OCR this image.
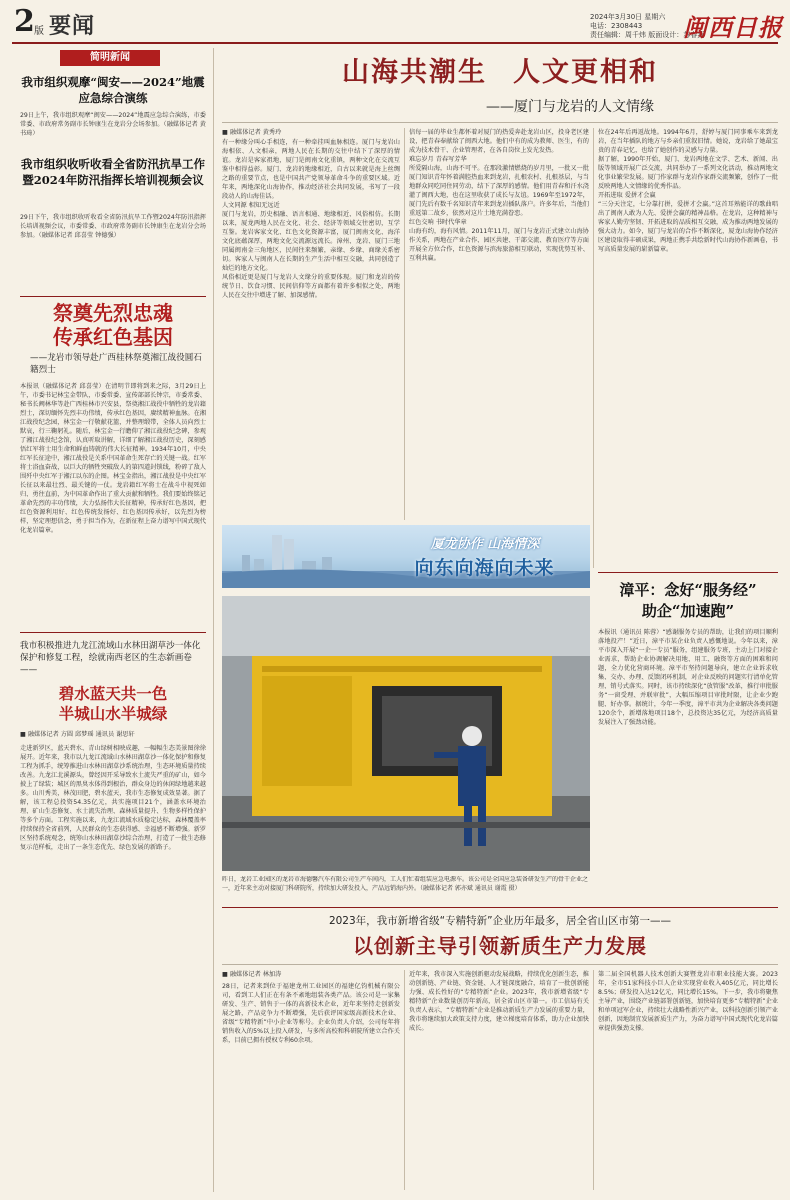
2 版 要闻	2024年3月30日 星期六
电话：2308443
责任编辑：周千炜 版面设计：苏春燕
闽西日报
简明新闻
我市组织观摩“闽安——2024”地震应急综合演练
29日上午，我市组织观摩“闽安——2024”地震应急综合演练，市委常委、市政府常务副市长钟康生在龙岩分会场参加。（融媒体记者 黄书琦）
我市组织收听收看全省防汛抗旱工作暨2024年防汛指挥长培训视频会议
29日下午，我市组织收听收看全省防汛抗旱工作暨2024年防汛指挥长培训视频会议，市委常委、市政府常务副市长钟康生在龙岩分会场参加。（融媒体记者 邱喜莹 钟德强）
祭奠先烈忠魂
传承红色基因
——龙岩市领导赴广西桂林祭奠湘江战役圆石籍烈士
本报讯（融媒体记者 邱喜莹）在清明节即将到来之际，3月29日上午，市委书记林宝金带队，市委常委、宣传部部长钟宗，市委常委、秘书长阙林华等赴广西桂林市兴安县，祭奠湘江战役中牺牲的龙岩籍烈士，深切缅怀先烈丰功伟绩，传承红色基因，赓续精神血脉。在湘江战役纪念园，林宝金一行敬献花篮，并整理缎带，全体人员向烈士默哀，行三鞠躬礼。随后，林宝金一行瞻仰了湘江战役纪念碑，参观了湘江战役纪念馆，认真听取讲解，详细了解湘江战役历史，深刻感悟红军将士用生命和鲜血铸就的伟大长征精神。1934年10月，中央红军长征途中，湘江战役是关系中国革命生死存亡的关键一战。红军将士浴血奋战，以巨大的牺牲突破敌人的第四道封锁线，粉碎了敌人围歼中央红军于湘江以东的企图。林宝金指出，湘江战役是中央红军长征以来最壮烈、最关键的一仗。龙岩籍红军将士在战斗中视死如归、勇往直前，为中国革命作出了重大贡献和牺牲。我们要始终铭记革命先烈的丰功伟绩，大力弘扬伟大长征精神，传承好红色基因，把红色资源利用好、红色传统发扬好、红色基因传承好，以先烈为榜样，坚定理想信念，勇于担当作为，在新征程上奋力谱写中国式现代化龙岩篇章。
我市积极推进九龙江流域山水林田湖草沙一体化保护和修复工程，绘就南西老区的生态新画卷——
碧水蓝天共一色
半城山水半城绿
■ 融媒体记者 方圆 邱梦瑶 通讯员 谢思轩
走进新罗区，蓝天碧水、青山绿树相映成趣，一幅幅生态美景图徐徐展开。近年来，我市以九龙江流域山水林田湖草沙一体化保护和修复工程为抓手，统筹推进山水林田湖草沙系统治理，生态环境质量持续改善。九龙江北溪源头，曾经因开采导致水土流失严重的矿山，如今披上了绿装；城区的黑臭水体得到根治，群众身边的休闲绿地越来越多。山川秀美，林茂田肥，碧水蓝天，我市生态修复成效显著。据了解，该工程总投资54.35亿元，共实施项目21个，涵盖水环境治理、矿山生态修复、水土流失治理、森林质量提升、生物多样性保护等多个方面。工程实施以来，九龙江流域水质稳定达标，森林覆盖率持续保持全省前列，人民群众的生态获得感、幸福感不断增强。新罗区坚持系统观念，统筹山水林田湖草沙综合治理，打造了一批生态修复示范样板，走出了一条生态优先、绿色发展的新路子。
山海共潮生 人文更相和
——厦门与龙岩的人文情缘
■ 融媒体记者 黄秀玲
有一种缘分叫心手相连，有一种牵挂叫血脉相连。厦门与龙岩山海相依、人文相亲，两地人民在长期的交往中结下了深厚的情谊。龙岩是客家祖地，厦门是闽南文化重镇，两种文化在交流互鉴中相得益彰。厦门、龙岩的地缘相近，自古以来就是海上丝绸之路的重要节点，也是中国共产党领导革命斗争的重要区域。近年来，两地深化山海协作，推动经济社会共同发展，书写了一段段动人的山海佳话。
人文同源 相知无远近
厦门与龙岩，历史相融、语言相通、地缘相近、风俗相仿。长期以来，厦龙两地人民在文化、社会、经济等领域交往密切，互学互鉴。龙岩客家文化、红色文化资源丰富，厦门闽南文化、海洋文化底蕴深厚，两地文化交流源远流长。漳州、龙岩、厦门三地同属闽南金三角地区，民间往来频繁，亲缘、乡缘、商缘关系密切。客家人与闽南人在长期的生产生活中相互交融，共同创造了灿烂的地方文化。
风俗相近更是厦门与龙岩人文缘分的重要体现。厦门和龙岩的传统节日、饮食习惯、民间信仰等方面都有着许多相似之处，两地人民在交往中增进了解、加深感情。
信每一届的毕业生都怀着对厦门的热爱奔赴龙岩山区，投身老区建设，把青春奉献给了闽西大地。他们中有的成为教师、医生，有的成为技术骨干、企业管理者，在各自岗位上发光发热。
难忘岁月 青春写芳华
所爱隔山海，山海不可平。在那段激情燃烧的岁月里，一批又一批厦门知识青年怀着满腔热血来到龙岩，扎根农村、扎根基层，与当地群众同吃同住同劳动，结下了深厚的感情。他们用青春和汗水浇灌了闽西大地，也在这里收获了成长与友谊。1969年至1972年，厦门先后有数千名知识青年来到龙岩插队落户。许多年后，当他们重返第二故乡，依然对这片土地充满眷恋。
红色交响 书时代华章
山海有约，海有风情。2011年11月，厦门与龙岩正式建立山海协作关系，两地在产业合作、园区共建、干部交流、教育医疗等方面开展全方位合作，红色资源与滨海旅游相互联动，实现优势互补、互利共赢。
位在24年后再返故地。1994年6月，舒婷与厦门同事乘车来到龙岩，在当年插队的地方与乡亲们重叙旧情。她说，龙岩给了她最宝贵的青春记忆，也给了她创作的灵感与力量。
据了解，1990年开始，厦门、龙岩两地在文学、艺术、新闻、出版等领域开展广泛交流，共同举办了一系列文化活动，推动两地文化事业繁荣发展。厦门作家群与龙岩作家群交流频繁，创作了一批反映两地人文情缘的优秀作品。
开拓进取 爱拼才会赢
“三分天注定，七分靠打拼，爱拼才会赢。”这首耳熟能详的歌曲唱出了闽南人敢为人先、爱拼会赢的精神品格。在龙岩，这种精神与客家人勤劳坚韧、开拓进取的品质相互交融，成为推动两地发展的强大动力。如今，厦门与龙岩的合作不断深化，厦龙山海协作经济区建设取得丰硕成果，两地正携手共绘新时代山海协作新画卷，书写高质量发展的崭新篇章。
厦龙协作 山海情深
向东向海向未来
昨日，龙岩工业园区的龙岩市海德馨汽车有限公司生产车间内，工人们忙着组装应急电源车。该公司是全国应急装备研发生产的骨干企业之一，近年来主动对接厦门科研院所，持续加大研发投入，产品远销海内外。（融媒体记者 郭亦斌 通讯员 谢霞 摄）
漳平：念好“服务经”
助企“加速跑”
本报讯（通讯员 陈蓉）“感谢服务专员的帮助，让我们的项目顺利落地投产！”近日，漳平市某企业负责人感慨地说。今年以来，漳平市深入开展“一企一专员”服务，组建服务专班，主动上门对接企业需求，帮助企业协调解决用地、用工、融资等方面的困难和问题，全力优化营商环境。漳平市坚持问题导向，建立企业诉求收集、交办、办理、反馈闭环机制，对企业反映的问题实行清单化管理、销号式落实。同时，该市持续深化“放管服”改革，推行审批服务“一窗受理、并联审批”，大幅压缩项目审批时限，让企业少跑腿、好办事。据统计，今年一季度，漳平市共为企业解决各类问题120余个，新增落地项目18个，总投资达35亿元，为经济高质量发展注入了强劲动能。
2023年，我市新增省级“专精特新”企业历年最多，居全省山区市第一——
以创新主导引领新质生产力发展
■ 融媒体记者 林加涛
28日，记者来到位于福建龙州工业园区的福建亿钧机械有限公司，看到工人们正在有条不紊地组装各类产品。该公司是一家集研发、生产、销售于一体的高新技术企业，近年来坚持走创新发展之路，产品竞争力不断增强，先后获评国家级高新技术企业、省级“专精特新”中小企业等称号。企业负责人介绍，公司每年将销售收入的5%以上投入研发，与多所高校和科研院所建立合作关系，目前已拥有授权专利60余项。
近年来，我市深入实施创新驱动发展战略，持续优化创新生态，推动创新链、产业链、资金链、人才链深度融合，培育了一批创新能力强、成长性好的“专精特新”企业。2023年，我市新增省级“专精特新”企业数量创历年新高，居全省山区市第一。市工信局有关负责人表示，“专精特新”企业是推动新质生产力发展的重要力量，我市将继续加大政策支持力度，建立梯度培育体系，助力企业加快成长。
第二届全国机器人技术创新大赛暨龙岩市职业技能大赛。2023年，全市51家科技小巨人企业实现营业收入405亿元，同比增长8.5%；研发投入达12亿元，同比增长15%。下一步，我市将聚焦主导产业，围绕产业链部署创新链，加快培育更多“专精特新”企业和单项冠军企业，持续壮大战略性新兴产业，以科技创新引领产业创新，因地制宜发展新质生产力，为奋力谱写中国式现代化龙岩篇章提供强劲支撑。
